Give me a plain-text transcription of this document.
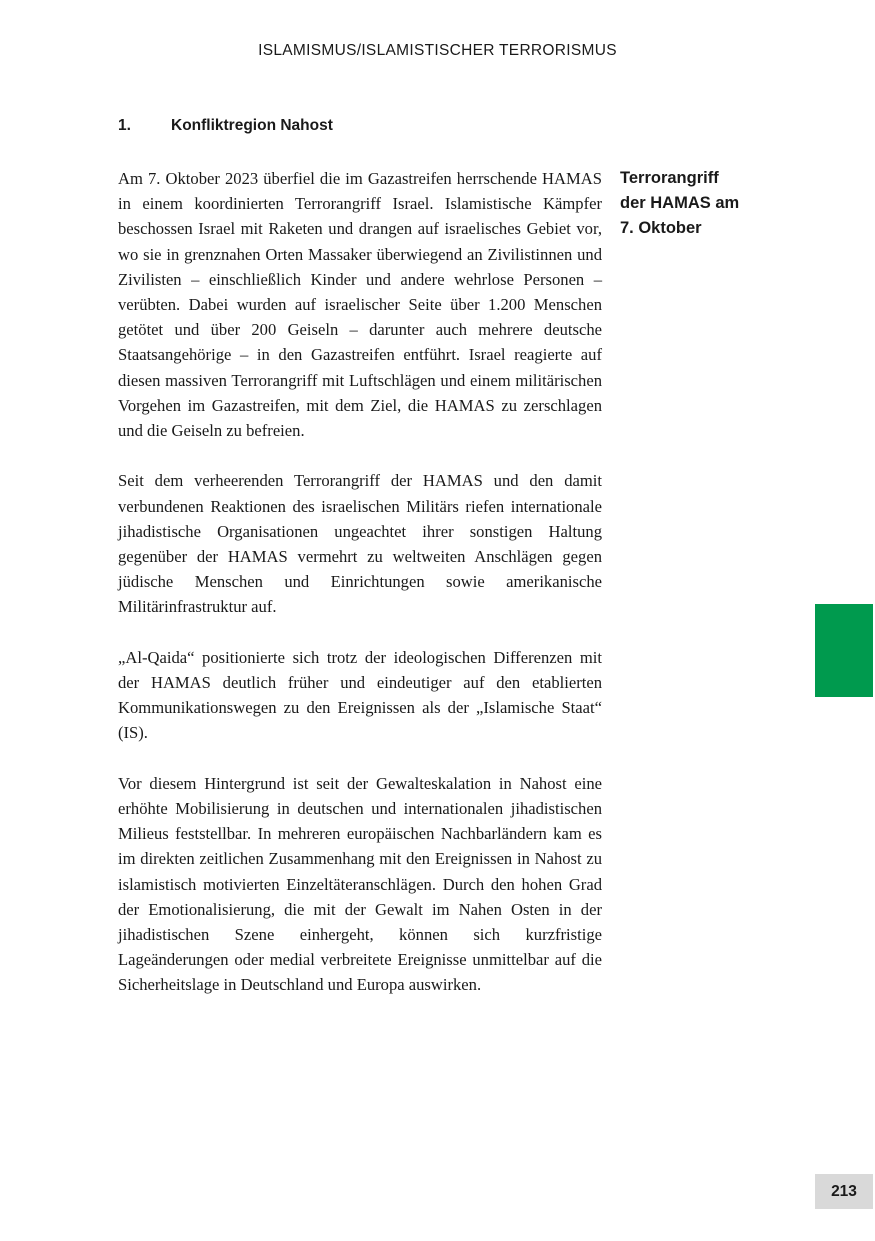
ISLAMISMUS/ISLAMISTISCHER TERRORISMUS
1.	Konfliktregion Nahost

Am 7. Oktober 2023 überfiel die im Gazastreifen herrschende HAMAS in einem koordinierten Terrorangriff Israel. Islamistische Kämpfer beschossen Israel mit Raketen und drangen auf israelisches Gebiet vor, wo sie in grenznahen Orten Massaker überwiegend an Zivilistinnen und Zivilisten – einschließlich Kinder und andere wehrlose Personen – verübten. Dabei wurden auf israelischer Seite über 1.200 Menschen getötet und über 200 Geiseln – darunter auch mehrere deutsche Staatsangehörige – in den Gazastreifen entführt. Israel reagierte auf diesen massiven Terrorangriff mit Luftschlägen und einem militärischen Vorgehen im Gazastreifen, mit dem Ziel, die HAMAS zu zerschlagen und die Geiseln zu befreien.

Seit dem verheerenden Terrorangriff der HAMAS und den damit verbundenen Reaktionen des israelischen Militärs riefen internationale jihadistische Organisationen ungeachtet ihrer sonstigen Haltung gegenüber der HAMAS vermehrt zu weltweiten Anschlägen gegen jüdische Menschen und Einrichtungen sowie amerikanische Militärinfrastruktur auf.

„Al-Qaida“ positionierte sich trotz der ideologischen Differenzen mit der HAMAS deutlich früher und eindeutiger auf den etablierten Kommunikationswegen zu den Ereignissen als der „Islamische Staat“ (IS).

Vor diesem Hintergrund ist seit der Gewalteskalation in Nahost eine erhöhte Mobilisierung in deutschen und internationalen jihadistischen Milieus feststellbar. In mehreren europäischen Nachbarländern kam es im direkten zeitlichen Zusammenhang mit den Ereignissen in Nahost zu islamistisch motivierten Einzeltäteranschlägen. Durch den hohen Grad der Emotionalisierung, die mit der Gewalt im Nahen Osten in der jihadistischen Szene einhergeht, können sich kurzfristige Lageänderungen oder medial verbreitete Ereignisse unmittelbar auf die Sicherheitslage in Deutschland und Europa auswirken.

Terrorangriff
der HAMAS am
7. Oktober
213
